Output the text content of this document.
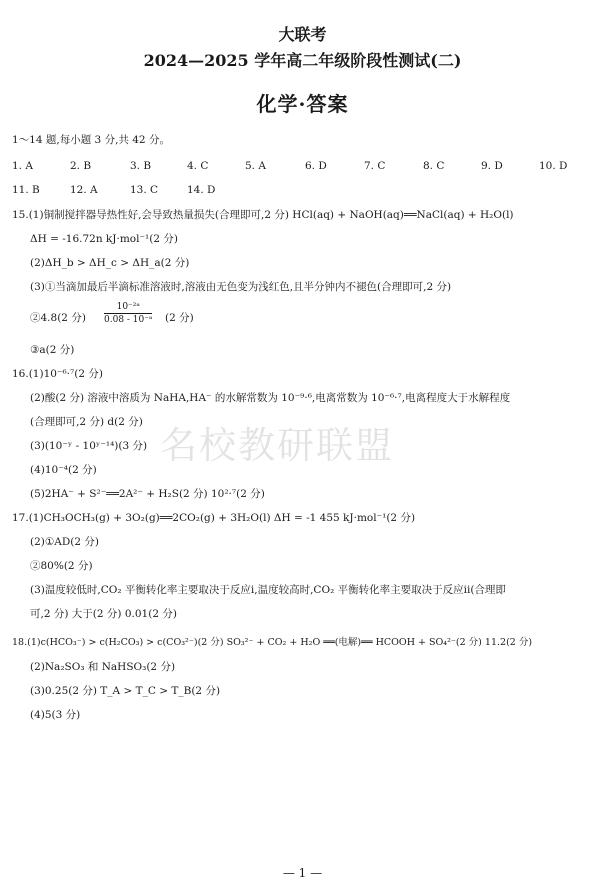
大联考
2024—2025 学年高二年级阶段性测试(二)
化学·答案
名校教研联盟
1～14 题,每小题 3 分,共 42 分。
1. A	2. B	3. B	4. C	5. A	6. D	7. C	8. C	9. D	10. D
11. B	12. A	13. C	14. D
15.(1)铜制搅拌器导热性好,会导致热量损失(合理即可,2 分) HCl(aq) + NaOH(aq)══NaCl(aq) + H₂O(l)
ΔH = -16.72n kJ·mol⁻¹(2 分)
(2)ΔH_b > ΔH_c > ΔH_a(2 分)
(3)①当滴加最后半滴标准溶液时,溶液由无色变为浅红色,且半分钟内不褪色(合理即可,2 分)
②4.8(2 分) $\frac{\text{10⁻²ᵃ}}{\text{0.08 - 10⁻ᵃ}} (2$ 分)
③a(2 分)
16.(1)10⁻⁶·⁷(2 分)
(2)酸(2 分) 溶液中溶质为 NaHA,HA⁻ 的水解常数为 10⁻⁹·⁶,电离常数为 10⁻⁶·⁷,电离程度大于水解程度
(合理即可,2 分) d(2 分)
(3)(10⁻ʸ - 10ʸ⁻¹⁴)(3 分)
(4)10⁻⁴(2 分)
(5)2HA⁻ + S²⁻══2A²⁻ + H₂S(2 分) 10²·⁷(2 分)
17.(1)CH₃OCH₃(g) + 3O₂(g)══2CO₂(g) + 3H₂O(l) ΔH = -1 455 kJ·mol⁻¹(2 分)
(2)①AD(2 分)
②80%(2 分)
(3)温度较低时,CO₂ 平衡转化率主要取决于反应ⅰ,温度较高时,CO₂ 平衡转化率主要取决于反应ⅱ(合理即
可,2 分) 大于(2 分) 0.01(2 分)
18.(1)c(HCO₃⁻) > c(H₂CO₃) > c(CO₃²⁻)(2 分) SO₃²⁻ + CO₂ + H₂O ══(电解)══ HCOOH + SO₄²⁻(2 分) 11.2(2 分)
(2)Na₂SO₃ 和 NaHSO₃(2 分)
(3)0.25(2 分) T_A > T_C > T_B(2 分)
(4)5(3 分)
— 1 —
